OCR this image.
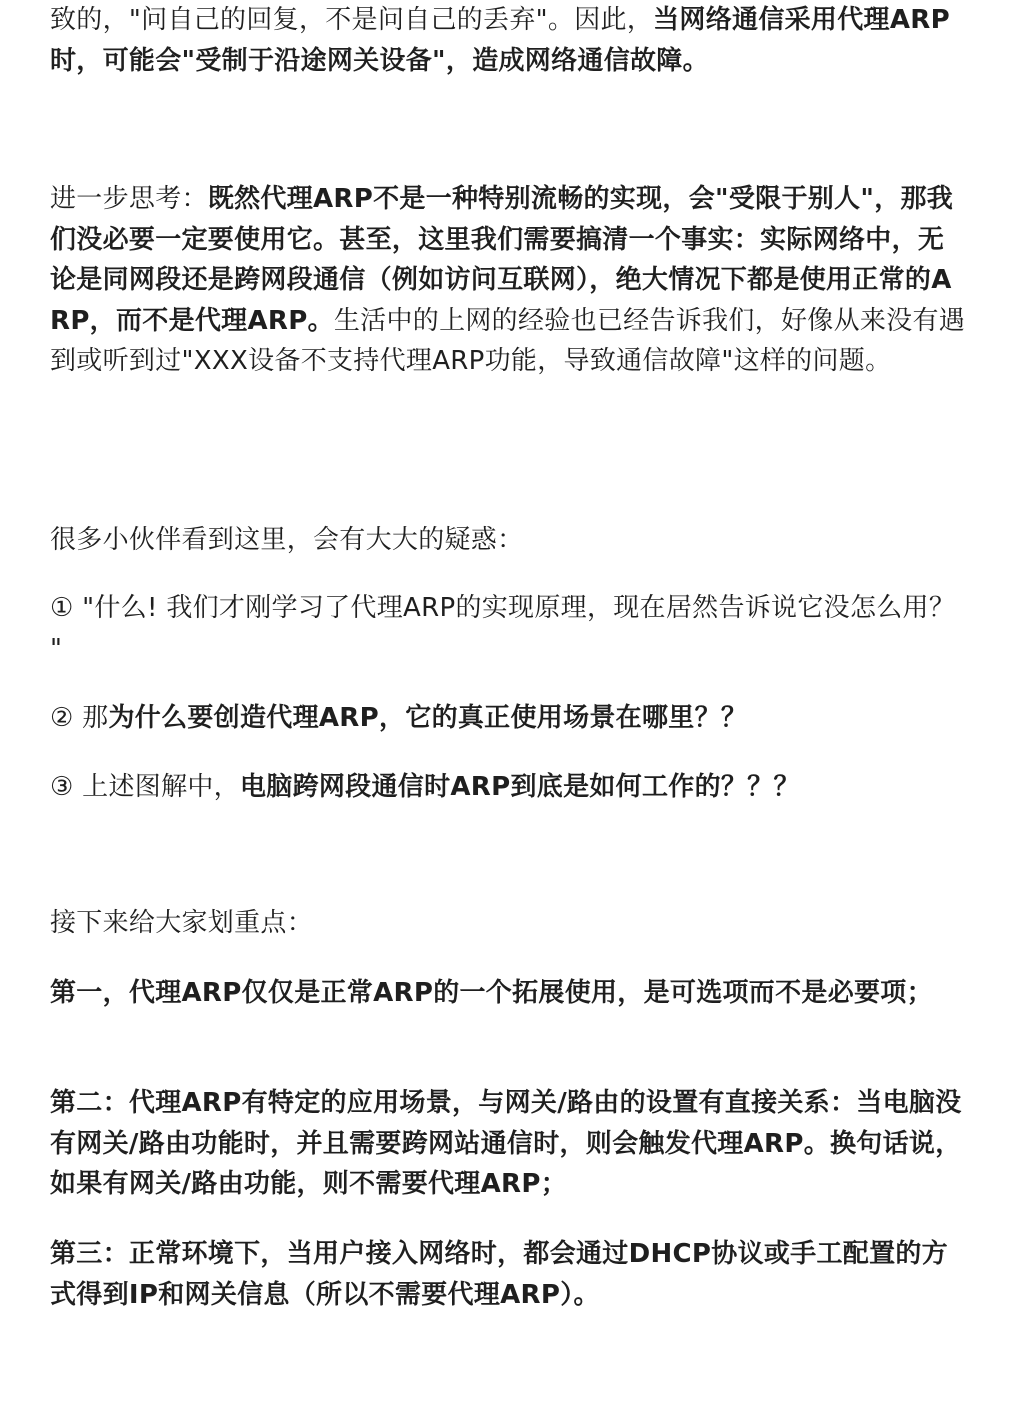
致的，"问自己的回复，不是问自己的丢弃"。因此，当网络通信采用代理ARP时，可能会"受制于沿途网关设备"，造成网络通信故障。

进一步思考：既然代理ARP不是一种特别流畅的实现，会"受限于别人"，那我们没必要一定要使用它。甚至，这里我们需要搞清一个事实：实际网络中，无论是同网段还是跨网段通信（例如访问互联网），绝大情况下都是使用正常的ARP，而不是代理ARP。生活中的上网的经验也已经告诉我们，好像从来没有遇到或听到过"XXX设备不支持代理ARP功能，导致通信故障"这样的问题。

很多小伙伴看到这里，会有大大的疑惑：

① "什么! 我们才刚学习了代理ARP的实现原理，现在居然告诉说它没怎么用？ "

② 那为什么要创造代理ARP，它的真正使用场景在哪里？？

③ 上述图解中，电脑跨网段通信时ARP到底是如何工作的？？？

接下来给大家划重点：

第一，代理ARP仅仅是正常ARP的一个拓展使用，是可选项而不是必要项；

第二：代理ARP有特定的应用场景，与网关/路由的设置有直接关系：当电脑没有网关/路由功能时，并且需要跨网站通信时，则会触发代理ARP。换句话说，如果有网关/路由功能，则不需要代理ARP；

第三：正常环境下，当用户接入网络时，都会通过DHCP协议或手工配置的方式得到IP和网关信息（所以不需要代理ARP）。
